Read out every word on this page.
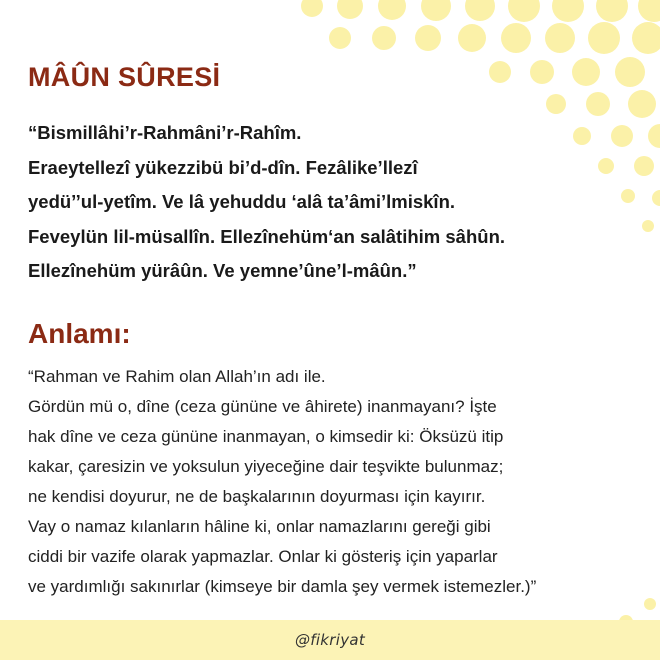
MÂÛN SÛRESİ
“Bismillâhi’r-Rahmâni’r-Rahîm.
Eraeytellezî yükezzibü bi’d-dîn. Fezâlike’llezî
yedü’’ul-yetîm. Ve lâ yehuddu ‘alâ ta’âmi’lmiskîn.
Feveylün lil-müsallîn. Ellezînehüm‘an salâtihim sâhûn.
Ellezînehüm yürâûn. Ve yemne’ûne’l-mâûn.”
Anlamı:
“Rahman ve Rahim olan Allah’ın adı ile.
Gördün mü o, dîne (ceza gününe ve âhirete) inanmayanı? İşte
hak dîne ve ceza gününe inanmayan, o kimsedir ki: Öksüzü itip
kakar, çaresizin ve yoksulun yiyeceğine dair teşvikte bulunmaz;
ne kendisi doyurur, ne de başkalarının doyurması için kayırır.
Vay o namaz kılanların hâline ki, onlar namazlarını gereği gibi
ciddi bir vazife olarak yapmazlar. Onlar ki gösteriş için yaparlar
ve yardımlığı sakınırlar (kimseye bir damla şey vermek istemezler.)”
@fikriyat
